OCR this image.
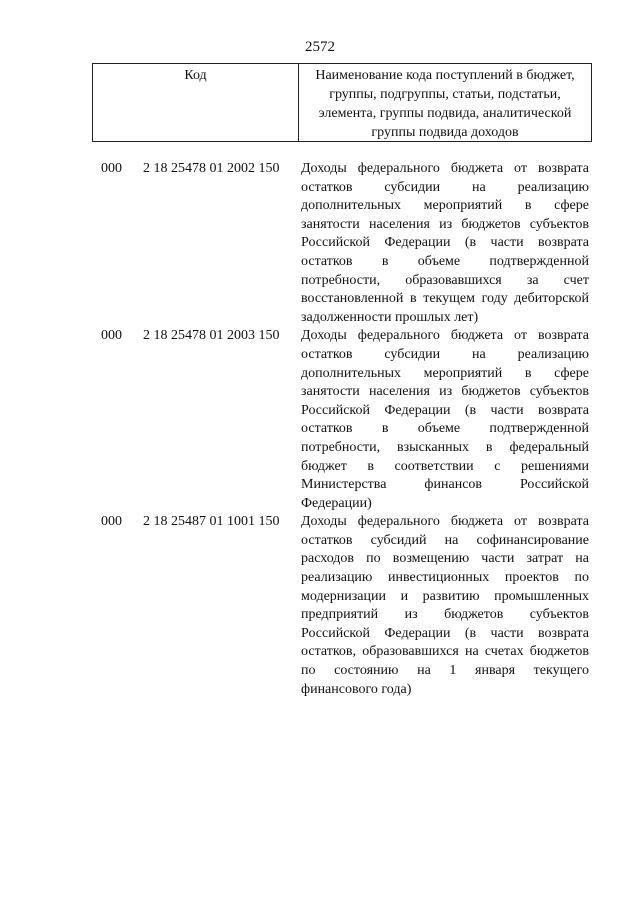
2572
Код	Наименование кода поступлений в бюджет, группы, подгруппы, статьи, подстатьи, элемента, группы подвида, аналитической группы подвида доходов
000 2 18 25478 01 2002 150 Доходы федерального бюджета от возврата остатков субсидии на реализацию дополнительных мероприятий в сфере занятости населения из бюджетов субъектов Российской Федерации (в части возврата остатков в объеме подтвержденной потребности, образовавшихся за счет восстановленной в текущем году дебиторской задолженности прошлых лет)
000 2 18 25478 01 2003 150 Доходы федерального бюджета от возврата остатков субсидии на реализацию дополнительных мероприятий в сфере занятости населения из бюджетов субъектов Российской Федерации (в части возврата остатков в объеме подтвержденной потребности, взысканных в федеральный бюджет в соответствии с решениями Министерства финансов Российской Федерации)
000 2 18 25487 01 1001 150 Доходы федерального бюджета от возврата остатков субсидий на софинансирование расходов по возмещению части затрат на реализацию инвестиционных проектов по модернизации и развитию промышленных предприятий из бюджетов субъектов Российской Федерации (в части возврата остатков, образовавшихся на счетах бюджетов по состоянию на 1 января текущего финансового года)
